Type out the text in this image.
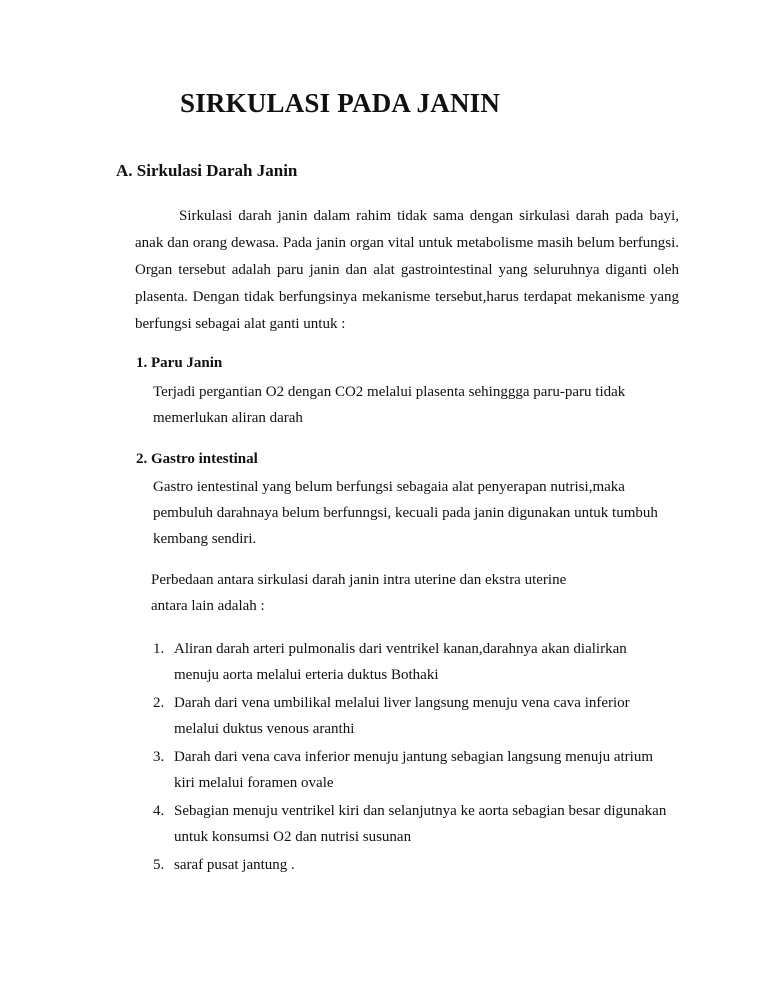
SIRKULASI PADA JANIN
A. Sirkulasi Darah Janin

Sirkulasi darah janin dalam rahim tidak sama dengan sirkulasi darah pada bayi, anak dan orang dewasa. Pada janin organ vital untuk metabolisme masih belum berfungsi. Organ tersebut adalah paru janin dan alat gastrointestinal yang seluruhnya diganti oleh plasenta. Dengan tidak berfungsinya mekanisme tersebut,harus terdapat mekanisme yang berfungsi sebagai alat ganti untuk :

1. Paru Janin
Terjadi pergantian O2 dengan CO2 melalui plasenta sehinggga paru-paru tidak
memerlukan aliran darah
2. Gastro intestinal
Gastro ientestinal yang belum berfungsi sebagaia alat penyerapan nutrisi,maka
pembuluh darahnaya belum berfunngsi, kecuali pada janin digunakan untuk tumbuh
kembang sendiri.
Perbedaan antara sirkulasi darah janin intra uterine dan ekstra uterine
antara lain adalah :
1. Aliran darah arteri pulmonalis dari ventrikel kanan,darahnya akan dialirkan
menuju aorta melalui erteria duktus Bothaki
2. Darah dari vena umbilikal melalui liver langsung menuju vena cava inferior
melalui duktus venous aranthi
3. Darah dari vena cava inferior menuju jantung sebagian langsung menuju atrium
kiri melalui foramen ovale
4. Sebagian menuju ventrikel kiri dan selanjutnya ke aorta sebagian besar digunakan
untuk konsumsi O2 dan nutrisi susunan
5. saraf pusat jantung .
